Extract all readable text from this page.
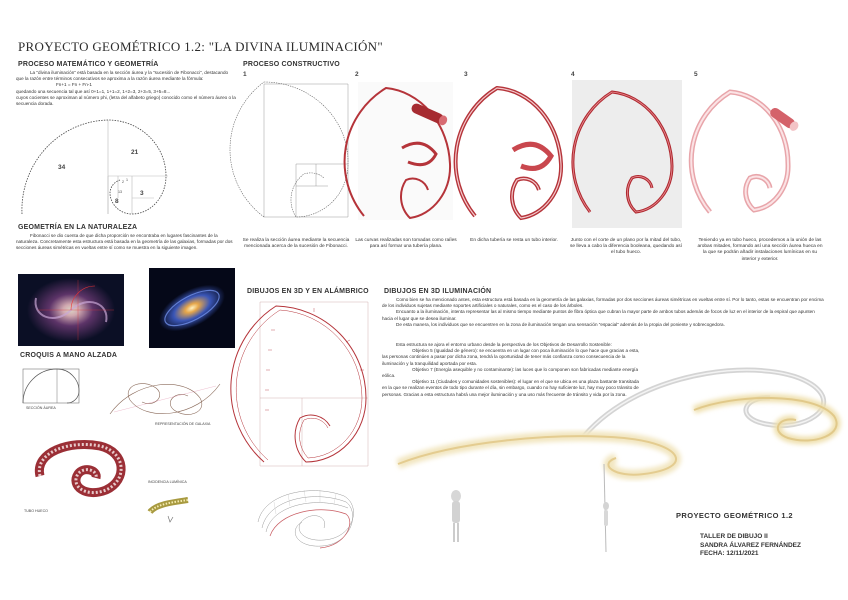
PROYECTO GEOMÉTRICO 1.2: "LA DIVINA ILUMINACIÓN"
PROCESO MATEMÁTICO Y GEOMETRÍA
La "divina iluminación" está basada en la sección áurea y la "sucesión de Fibonacci", destacando que la razón entre términos consecutivos se aproxima a la razón áurea mediante la fórmula:
Fn+1 = Fn + Fn-1
quedando una secuencia tal que así 0+1=1, 1+1=2, 1+2=3, 2+3=5, 3+5=8...
cuyos cocientes se aproximan al número phi, (letra del alfabeto griego) conocido como el número áureo o la secuencia dorada.
34
21
13
8
3
2 1
PROCESO CONSTRUCTIVO
1	2	3	4	5
Se realiza la sección áurea mediante la secuencia mencionada acerca de la sucesión de Fibonacci.
Las curvas realizadas son tomadas como raíles para así formar una tubería plana.
En dicha tubería se resta un tubo interior.	Junto con el corte de un plano por la mitad del tubo, se lleva a cabo la diferencia booleana, quedando así el tubo hueco.
Teniendo ya en tubo hueco, procedemos a la unión de las arobas mitades, formando así una sección áurea hueca en la que se podrán añadir instalaciones lumínicas en su interior y exterior.
GEOMETRÍA EN LA NATURALEZA
Fibonacci se dio cuenta de que dicha proporción se encontraba en lugares fascinantes de la naturaleza. Concretamente esta estructura está basada en la geometría de las galaxias, formadas por dos secciones áureas simétricas en vueltas entre sí como se muestra en la siguiente imagen.
CROQUIS A MANO ALZADA
SECCIÓN ÁUREA
REPRESENTACIÓN DE GALAXIA
TUBO HUECO
INCIDENCIA LUMÍNICA
DIBUJOS EN 3D Y EN ALÁMBRICO DIBUJOS EN 3D ILUMINACIÓN
Como bien se ha mencionado antes, esta estructura está basada en la geometría de las galaxias, formadas por dos secciones áureas simétricas en vueltas entre sí. Por lo tanto, estas se encuentran por encima de los individuos sujetas mediante soportes artificiales o naturales, como es el caso de los árboles.
Encuanto a la iluminación, intenta representar las al mismo tiempo mediante puntos de fibra óptica que cubran la mayor parte de ambos tubos además de focos de luz en el interior de la espiral que apunten hacia el lugar que se desea iluminar.
De esta manera, los individuos que se encuentren en la zona de iluminación tengan una sensación "espacial" además de la propia del poniente y sobrecogedora.
Esta estructura se ajora el entorno urbano desde la perspectiva de los Objetivos de Desarrollo Sostenible:
Objetivo 5 (Igualdad de género): se encuentra en un lugar con poca iluminación lo que hace que gracias a esta, las personas continúen a pasar por dicha zona, tendrá la oportunidad de tener más confianza como consecuencia de la iluminación y la tranquilidad aportada por esta.
Objetivo 7 (Energía asequible y no contaminante): las luces que lo componen son fabricadas mediante energía eólica.
Objetivo 11 (Ciudades y comunidades sostenibles): el lugar en el que se ubica es una plaza bastante transitada en la que se realizan eventos de todo tipo durante el día, sin embargo, cuando no hay suficiente luz, hay muy poco tránsito de personas. Gracias a esta estructura habrá una mejor iluminación y una uso más frecuente de tránsito y vida por la zona.
PROYECTO GEOMÉTRICO 1.2
TALLER DE DIBUJO II
SANDRA ÁLVAREZ FERNÁNDEZ
FECHA: 12/11/2021
